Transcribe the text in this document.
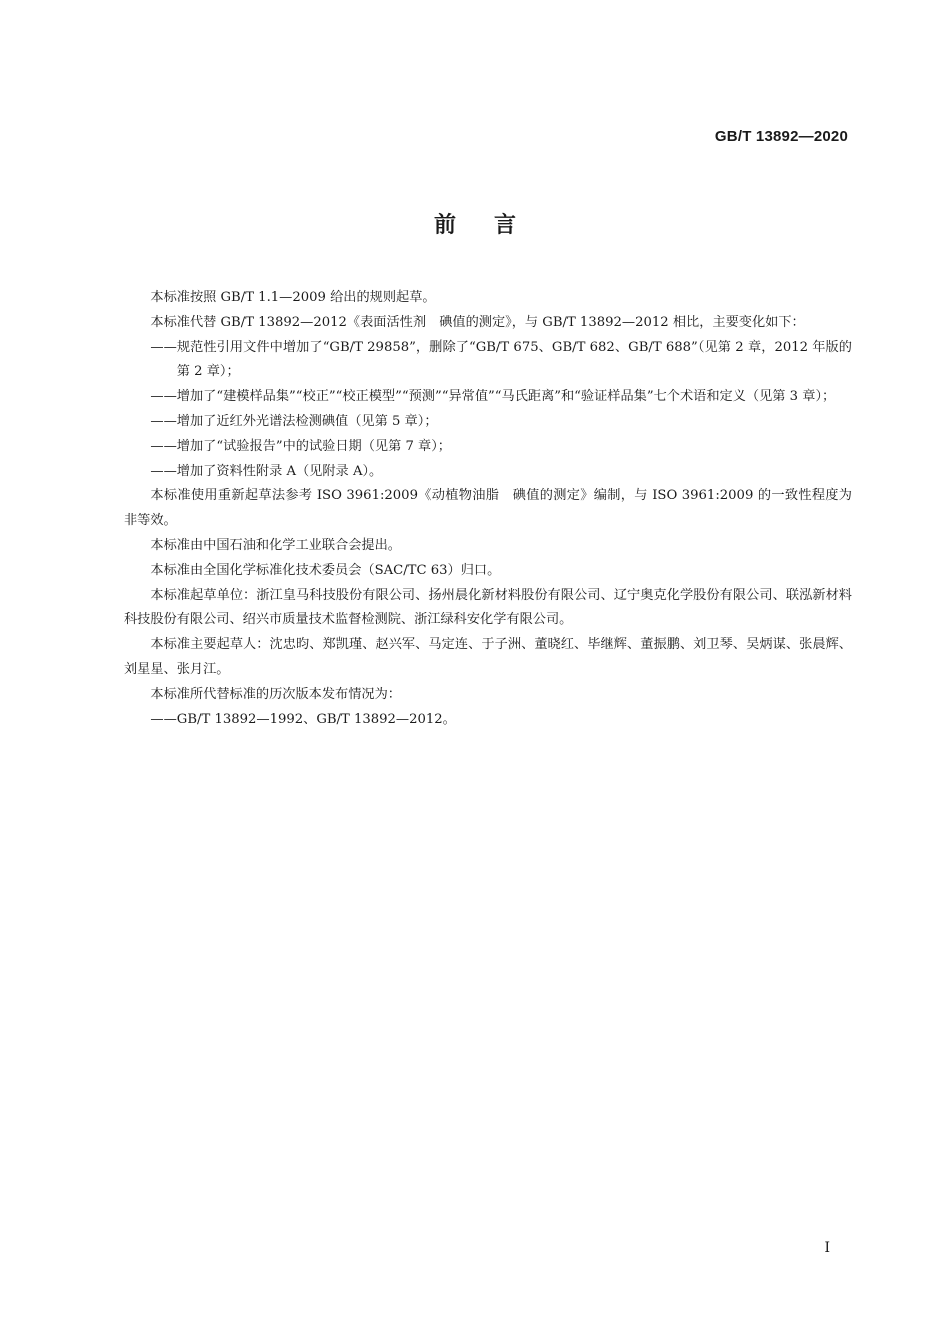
GB/T 13892—2020
前言

本标准按照 GB/T 1.1—2009 给出的规则起草。

本标准代替 GB/T 13892—2012《表面活性剂　碘值的测定》，与 GB/T 13892—2012 相比，主要变化如下：

——规范性引用文件中增加了“GB/T 29858”，删除了“GB/T 675、GB/T 682、GB/T 688”（见第 2 章，2012 年版的第 2 章）；

——增加了“建模样品集”“校正”“校正模型”“预测”“异常值”“马氏距离”和“验证样品集”七个术语和定义（见第 3 章）；

——增加了近红外光谱法检测碘值（见第 5 章）；

——增加了“试验报告”中的试验日期（见第 7 章）；

——增加了资料性附录 A（见附录 A）。

本标准使用重新起草法参考 ISO 3961:2009《动植物油脂　碘值的测定》编制，与 ISO 3961:2009 的一致性程度为非等效。

本标准由中国石油和化学工业联合会提出。

本标准由全国化学标准化技术委员会（SAC/TC 63）归口。

本标准起草单位：浙江皇马科技股份有限公司、扬州晨化新材料股份有限公司、辽宁奥克化学股份有限公司、联泓新材料科技股份有限公司、绍兴市质量技术监督检测院、浙江绿科安化学有限公司。

本标准主要起草人：沈忠昀、郑凯瑾、赵兴军、马定连、于子洲、董晓红、毕继辉、董振鹏、刘卫琴、吴炳谋、张晨辉、刘星星、张月江。

本标准所代替标准的历次版本发布情况为：

——GB/T 13892—1992、GB/T 13892—2012。

I
